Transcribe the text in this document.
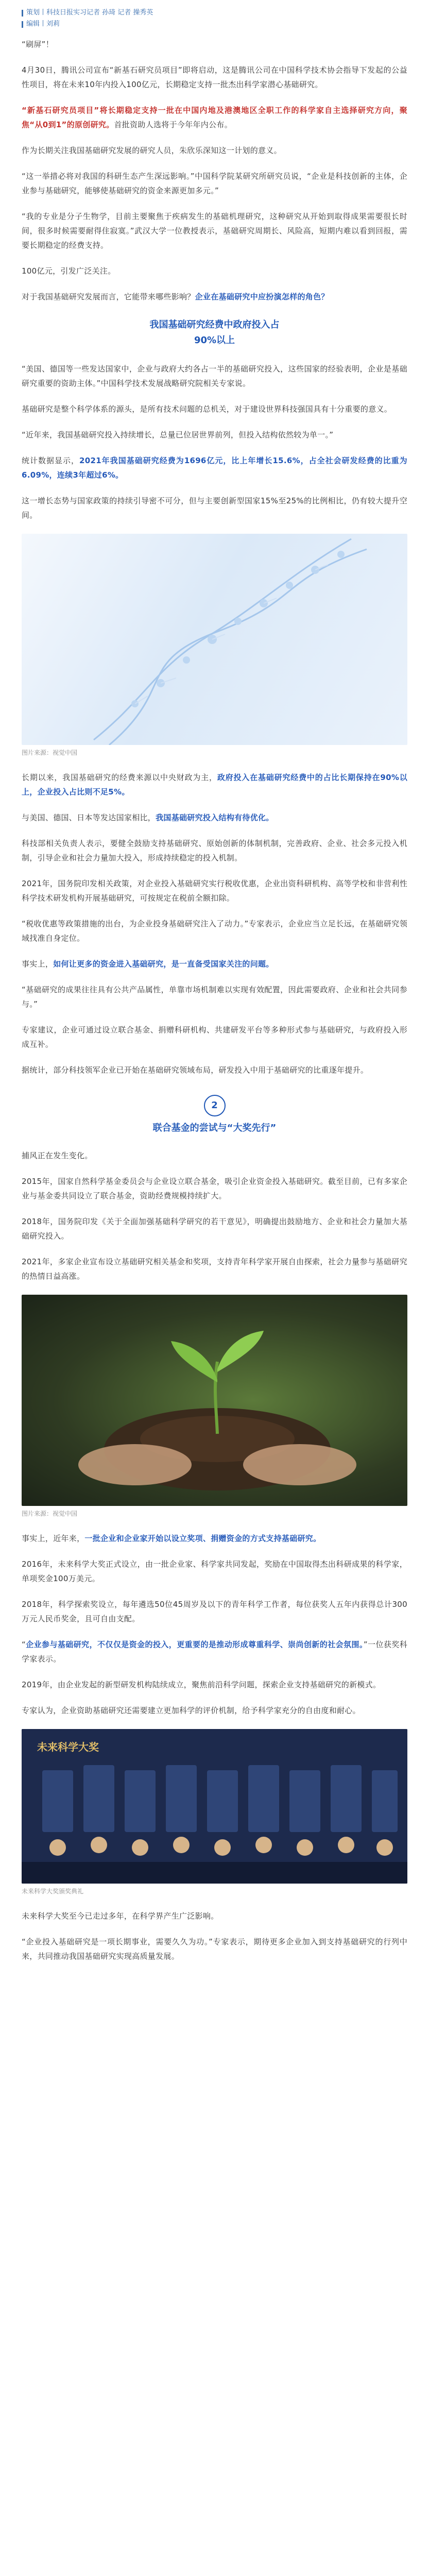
策划丨科技日报实习记者 孙琦 记者 操秀英
编辑丨刘莉

“刷屏”！

4月30日，腾讯公司宣布“新基石研究员项目”即将启动，这是腾讯公司在中国科学技术协会指导下发起的公益性项目，将在未来10年内投入100亿元，长期稳定支持一批杰出科学家潜心基础研究。

“新基石研究员项目”将长期稳定支持一批在中国内地及港澳地区全职工作的科学家自主选择研究方向，聚焦“从0到1”的原创研究。首批资助人选将于今年年内公布。

作为长期关注我国基础研究发展的研究人员，朱欣乐深知这一计划的意义。

“这一举措必将对我国的科研生态产生深远影响。”中国科学院某研究所研究员说，“企业是科技创新的主体，企业参与基础研究，能够使基础研究的资金来源更加多元。”

“我的专业是分子生物学，目前主要聚焦于疾病发生的基础机理研究，这种研究从开始到取得成果需要很长时间，很多时候需要耐得住寂寞。”武汉大学一位教授表示，基础研究周期长、风险高，短期内难以看到回报，需要长期稳定的经费支持。

100亿元，引发广泛关注。

对于我国基础研究发展而言，它能带来哪些影响？企业在基础研究中应扮演怎样的角色？

我国基础研究经费中政府投入占90%以上

“美国、德国等一些发达国家中，企业与政府大约各占一半的基础研究投入，这些国家的经验表明，企业是基础研究重要的资助主体。”中国科学技术发展战略研究院相关专家说。

基础研究是整个科学体系的源头，是所有技术问题的总机关，对于建设世界科技强国具有十分重要的意义。

“近年来，我国基础研究投入持续增长，总量已位居世界前列，但投入结构依然较为单一。”

统计数据显示，2021年我国基础研究经费为1696亿元，比上年增长15.6%，占全社会研发经费的比重为6.09%，连续3年超过6%。

这一增长态势与国家政策的持续引导密不可分，但与主要创新型国家15%至25%的比例相比，仍有较大提升空间。

图片来源：视觉中国

长期以来，我国基础研究的经费来源以中央财政为主，政府投入在基础研究经费中的占比长期保持在90%以上，企业投入占比则不足5%。

与美国、德国、日本等发达国家相比，我国基础研究投入结构有待优化。

科技部相关负责人表示，要健全鼓励支持基础研究、原始创新的体制机制，完善政府、企业、社会多元投入机制，引导企业和社会力量加大投入，形成持续稳定的投入机制。

2021年，国务院印发相关政策，对企业投入基础研究实行税收优惠，企业出资科研机构、高等学校和非营利性科学技术研发机构开展基础研究，可按规定在税前全额扣除。

“税收优惠等政策措施的出台，为企业投身基础研究注入了动力。”专家表示，企业应当立足长远，在基础研究领域找准自身定位。

事实上，如何让更多的资金进入基础研究，是一直备受国家关注的问题。

“基础研究的成果往往具有公共产品属性，单靠市场机制难以实现有效配置，因此需要政府、企业和社会共同参与。”

专家建议，企业可通过设立联合基金、捐赠科研机构、共建研发平台等多种形式参与基础研究，与政府投入形成互补。

据统计，部分科技领军企业已开始在基础研究领域布局，研发投入中用于基础研究的比重逐年提升。

2
联合基金的尝试与“大奖先行”

捕风正在发生变化。

2015年，国家自然科学基金委员会与企业设立联合基金，吸引企业资金投入基础研究。截至目前，已有多家企业与基金委共同设立了联合基金，资助经费规模持续扩大。

2018年，国务院印发《关于全面加强基础科学研究的若干意见》，明确提出鼓励地方、企业和社会力量加大基础研究投入。

2021年，多家企业宣布设立基础研究相关基金和奖项，支持青年科学家开展自由探索，社会力量参与基础研究的热情日益高涨。

图片来源：视觉中国

事实上，近年来，一批企业和企业家开始以设立奖项、捐赠资金的方式支持基础研究。

2016年，未来科学大奖正式设立，由一批企业家、科学家共同发起，奖励在中国取得杰出科研成果的科学家，单项奖金100万美元。

2018年，科学探索奖设立，每年遴选50位45周岁及以下的青年科学工作者，每位获奖人五年内获得总计300万元人民币奖金，且可自由支配。

“企业参与基础研究，不仅仅是资金的投入，更重要的是推动形成尊重科学、崇尚创新的社会氛围。”一位获奖科学家表示。

2019年，由企业发起的新型研发机构陆续成立，聚焦前沿科学问题，探索企业支持基础研究的新模式。

专家认为，企业资助基础研究还需要建立更加科学的评价机制，给予科学家充分的自由度和耐心。

未来科学大奖
未来科学大奖颁奖典礼

未来科学大奖至今已走过多年，在科学界产生广泛影响。

“企业投入基础研究是一项长期事业，需要久久为功。”专家表示，期待更多企业加入到支持基础研究的行列中来，共同推动我国基础研究实现高质量发展。
